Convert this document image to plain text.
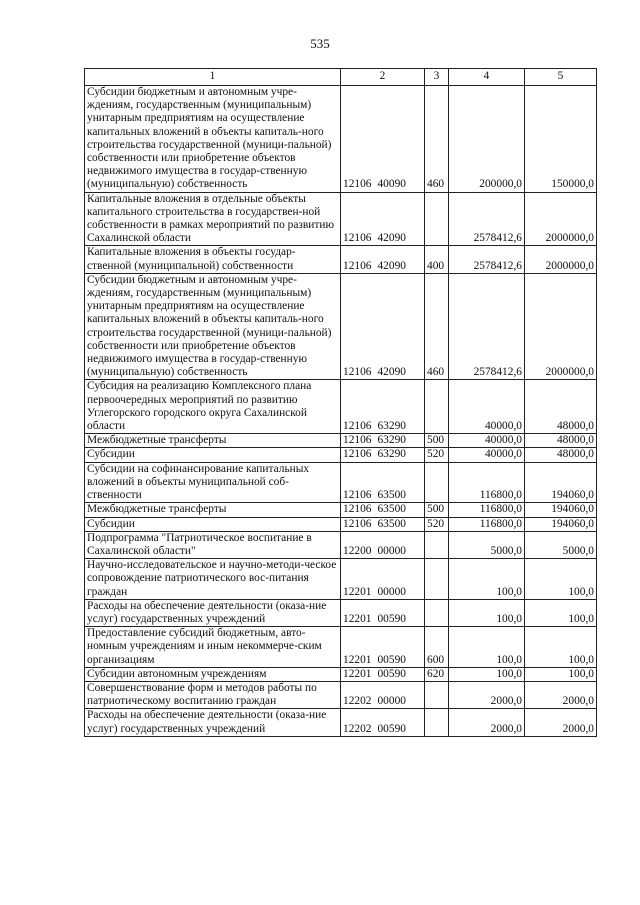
535
1	2	3	4	5
Субсидии бюджетным и автономным учре-ждениям, государственным (муниципальным) унитарным предприятиям на осуществление капитальных вложений в объекты капиталь-ного строительства государственной (муници-пальной) собственности или приобретение объектов недвижимого имущества в государ-ственную (муниципальную) собственность	12106 40090	460	200000,0	150000,0
Капитальные вложения в отдельные объекты капитального строительства в государствен-ной собственности в рамках мероприятий по развитию Сахалинской области	12106 42090		2578412,6	2000000,0
Капитальные вложения в объекты государ-ственной (муниципальной) собственности	12106 42090	400	2578412,6	2000000,0
Субсидии бюджетным и автономным учре-ждениям, государственным (муниципальным) унитарным предприятиям на осуществление капитальных вложений в объекты капиталь-ного строительства государственной (муници-пальной) собственности или приобретение объектов недвижимого имущества в государ-ственную (муниципальную) собственность	12106 42090	460	2578412,6	2000000,0
Субсидия на реализацию Комплексного плана первоочередных мероприятий по развитию Углегорского городского округа Сахалинской области	12106 63290		40000,0	48000,0
Межбюджетные трансферты	12106 63290	500	40000,0	48000,0
Субсидии	12106 63290	520	40000,0	48000,0
Субсидии на софинансирование капитальных вложений в объекты муниципальной соб-ственности	12106 63500		116800,0	194060,0
Межбюджетные трансферты	12106 63500	500	116800,0	194060,0
Субсидии	12106 63500	520	116800,0	194060,0
Подпрограмма "Патриотическое воспитание в Сахалинской области"	12200 00000		5000,0	5000,0
Научно-исследовательское и научно-методи-ческое сопровождение патриотического вос-питания граждан	12201 00000		100,0	100,0
Расходы на обеспечение деятельности (оказа-ние услуг) государственных учреждений	12201 00590		100,0	100,0
Предоставление субсидий бюджетным, авто-номным учреждениям и иным некоммерче-ским организациям	12201 00590	600	100,0	100,0
Субсидии автономным учреждениям	12201 00590	620	100,0	100,0
Совершенствование форм и методов работы по патриотическому воспитанию граждан	12202 00000		2000,0	2000,0
Расходы на обеспечение деятельности (оказа-ние услуг) государственных учреждений	12202 00590		2000,0	2000,0
